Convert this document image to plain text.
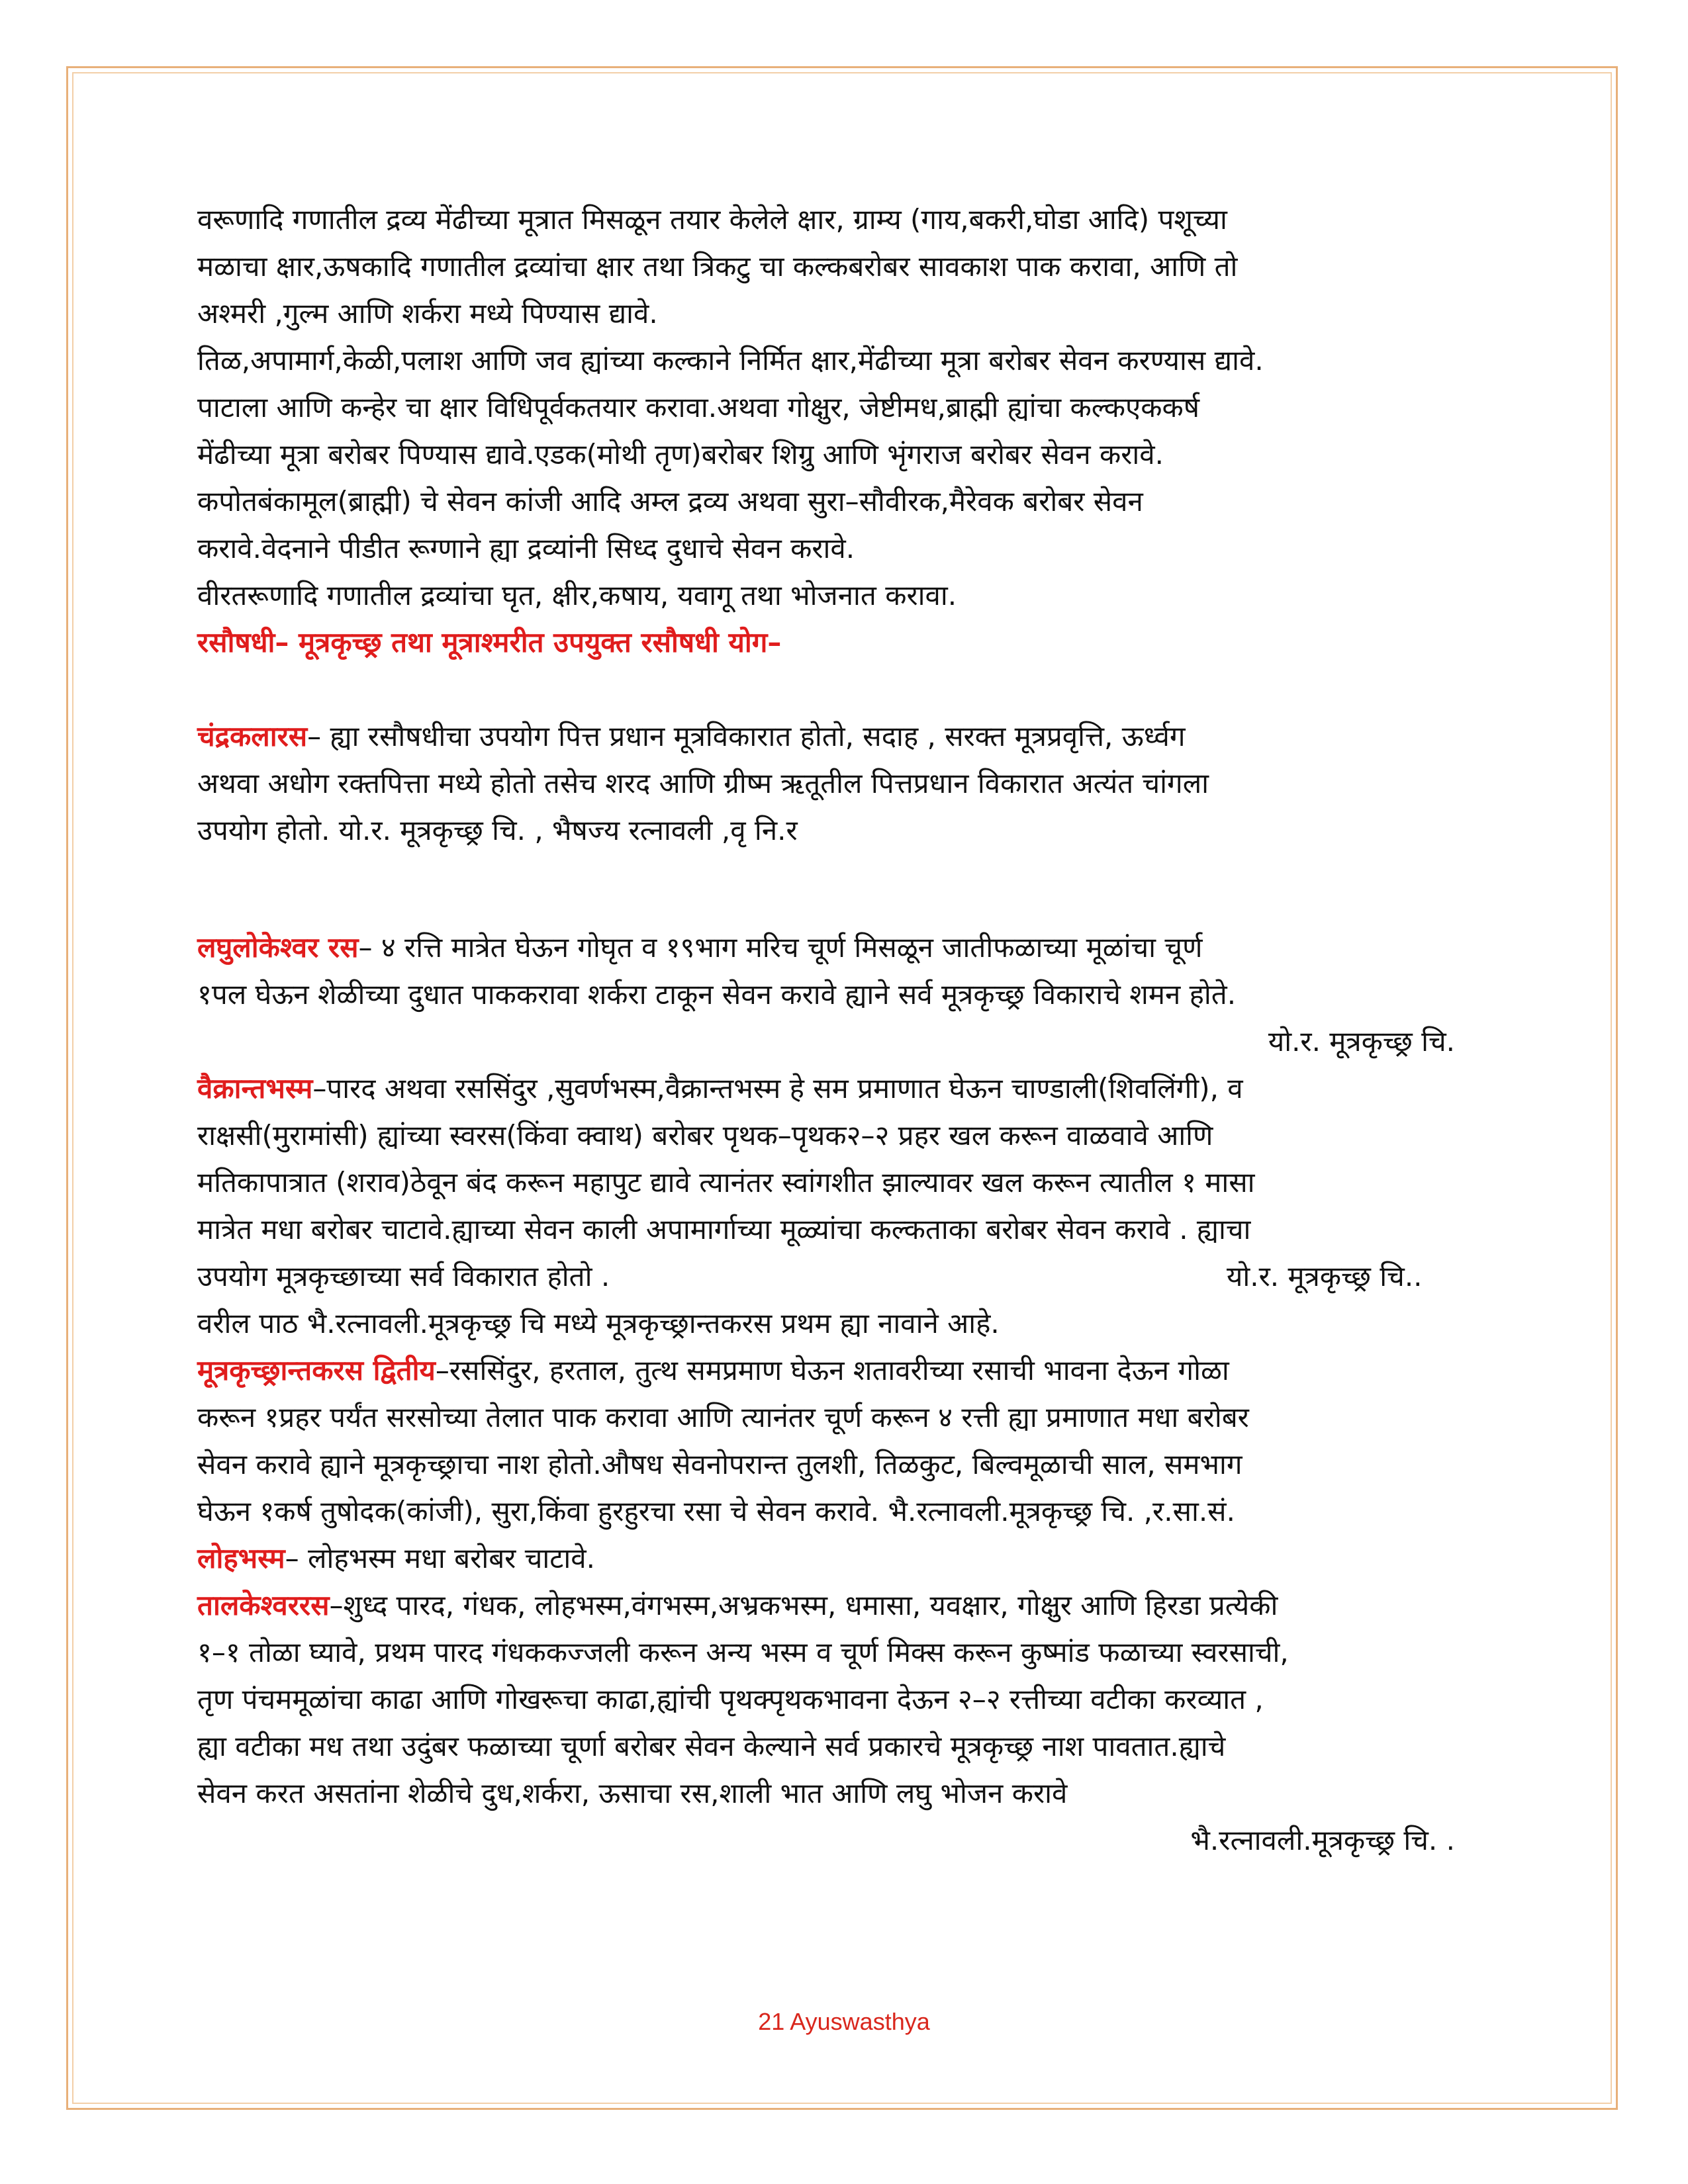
वरूणादि गणातील द्रव्य मेंढीच्या मूत्रात मिसळून तयार केलेले क्षार, ग्राम्य (गाय,बकरी,घोडा आदि) पशूच्या
मळाचा क्षार,ऊषकादि गणातील द्रव्यांचा क्षार तथा त्रिकटु चा कल्कबरोबर सावकाश पाक करावा, आणि तो
अश्मरी ,गुल्म आणि शर्करा मध्ये पिण्यास द्यावे.
तिळ,अपामार्ग,केळी,पलाश आणि जव ह्यांच्या कल्काने निर्मित क्षार,मेंढीच्या मूत्रा बरोबर सेवन करण्यास द्यावे.
पाटाला आणि कन्हेर चा क्षार विधिपूर्वकतयार करावा.अथवा गोक्षुर, जेष्टीमध,ब्राह्मी ह्यांचा कल्कएककर्ष
मेंढीच्या मूत्रा बरोबर पिण्यास द्यावे.एडक(मोथी तृण)बरोबर शिग्रु आणि भृंगराज बरोबर सेवन करावे.
कपोतबंकामूल(ब्राह्मी) चे सेवन कांजी आदि अम्ल द्रव्य अथवा सुरा–सौवीरक,मैरेवक बरोबर सेवन
करावे.वेदनाने पीडीत रूग्णाने ह्या द्रव्यांनी सिध्द दुधाचे सेवन करावे.
वीरतरूणादि गणातील द्रव्यांचा घृत, क्षीर,कषाय, यवागू तथा भोजनात करावा.
रसौषधी– मूत्रकृच्छ्र तथा मूत्राश्मरीत उपयुक्त रसौषधी योग–
चंद्रकलारस– ह्या रसौषधीचा उपयोग पित्त प्रधान मूत्रविकारात होतो, सदाह , सरक्त मूत्रप्रवृत्ति, ऊर्ध्वग
अथवा अधोग रक्तपित्ता मध्ये होतो तसेच शरद आणि ग्रीष्म ऋतूतील पित्तप्रधान विकारात अत्यंत चांगला
उपयोग होतो. यो.र. मूत्रकृच्छ्र चि. , भैषज्य रत्नावली ,वृ नि.र
लघुलोकेश्वर रस– ४ रत्ति मात्रेत घेऊन गोघृत व १९भाग मरिच चूर्ण मिसळून जातीफळाच्या मूळांचा चूर्ण
१पल घेऊन शेळीच्या दुधात पाककरावा शर्करा टाकून सेवन करावे ह्याने सर्व मूत्रकृच्छ्र विकाराचे शमन होते.
यो.र. मूत्रकृच्छ्र चि.
वैक्रान्तभस्म–पारद अथवा रससिंदुर ,सुवर्णभस्म,वैक्रान्तभस्म हे सम प्रमाणात घेऊन चाण्डाली(शिवलिंगी), व
राक्षसी(मुरामांसी) ह्यांच्या स्वरस(किंवा क्वाथ) बरोबर पृथक–पृथक२–२ प्रहर खल करून वाळवावे आणि
मतिकापात्रात (शराव)ठेवून बंद करून महापुट द्यावे त्यानंतर स्वांगशीत झाल्यावर खल करून त्यातील १ मासा
मात्रेत मधा बरोबर चाटावे.ह्याच्या सेवन काली अपामार्गाच्या मूळ्यांचा कल्कताका बरोबर सेवन करावे . ह्याचा
उपयोग मूत्रकृच्छाच्या सर्व विकारात होतो .	यो.र. मूत्रकृच्छ्र चि..
वरील पाठ भै.रत्नावली.मूत्रकृच्छ्र चि मध्ये मूत्रकृच्छ्रान्तकरस प्रथम ह्या नावाने आहे.
मूत्रकृच्छ्रान्तकरस द्वितीय–रससिंदुर, हरताल, तुत्थ समप्रमाण घेऊन शतावरीच्या रसाची भावना देऊन गोळा
करून १प्रहर पर्यंत सरसोच्या तेलात पाक करावा आणि त्यानंतर चूर्ण करून ४ रत्ती ह्या प्रमाणात मधा बरोबर
सेवन करावे ह्याने मूत्रकृच्छ्राचा नाश होतो.औषध सेवनोपरान्त तुलशी, तिळकुट, बिल्वमूळाची साल, समभाग
घेऊन १कर्ष तुषोदक(कांजी), सुरा,किंवा हुरहुरचा रसा चे सेवन करावे. भै.रत्नावली.मूत्रकृच्छ्र चि. ,र.सा.सं.
लोहभस्म– लोहभस्म मधा बरोबर चाटावे.
तालकेश्वररस–शुध्द पारद, गंधक, लोहभस्म,वंगभस्म,अभ्रकभस्म, धमासा, यवक्षार, गोक्षुर आणि हिरडा प्रत्येकी
१–१ तोळा घ्यावे, प्रथम पारद गंधककज्जली करून अन्य भस्म व चूर्ण मिक्स करून कुष्मांड फळाच्या स्वरसाची,
तृण पंचममूळांचा काढा आणि गोखरूचा काढा,ह्यांची पृथक्पृथकभावना देऊन २–२ रत्तीच्या वटीका करव्यात ,
ह्या वटीका मध तथा उदुंबर फळाच्या चूर्णा बरोबर सेवन केल्याने सर्व प्रकारचे मूत्रकृच्छ्र नाश पावतात.ह्याचे
सेवन करत असतांना शेळीचे दुध,शर्करा, ऊसाचा रस,शाली भात आणि लघु भोजन करावे
भै.रत्नावली.मूत्रकृच्छ्र चि. .
21 Ayuswasthya
